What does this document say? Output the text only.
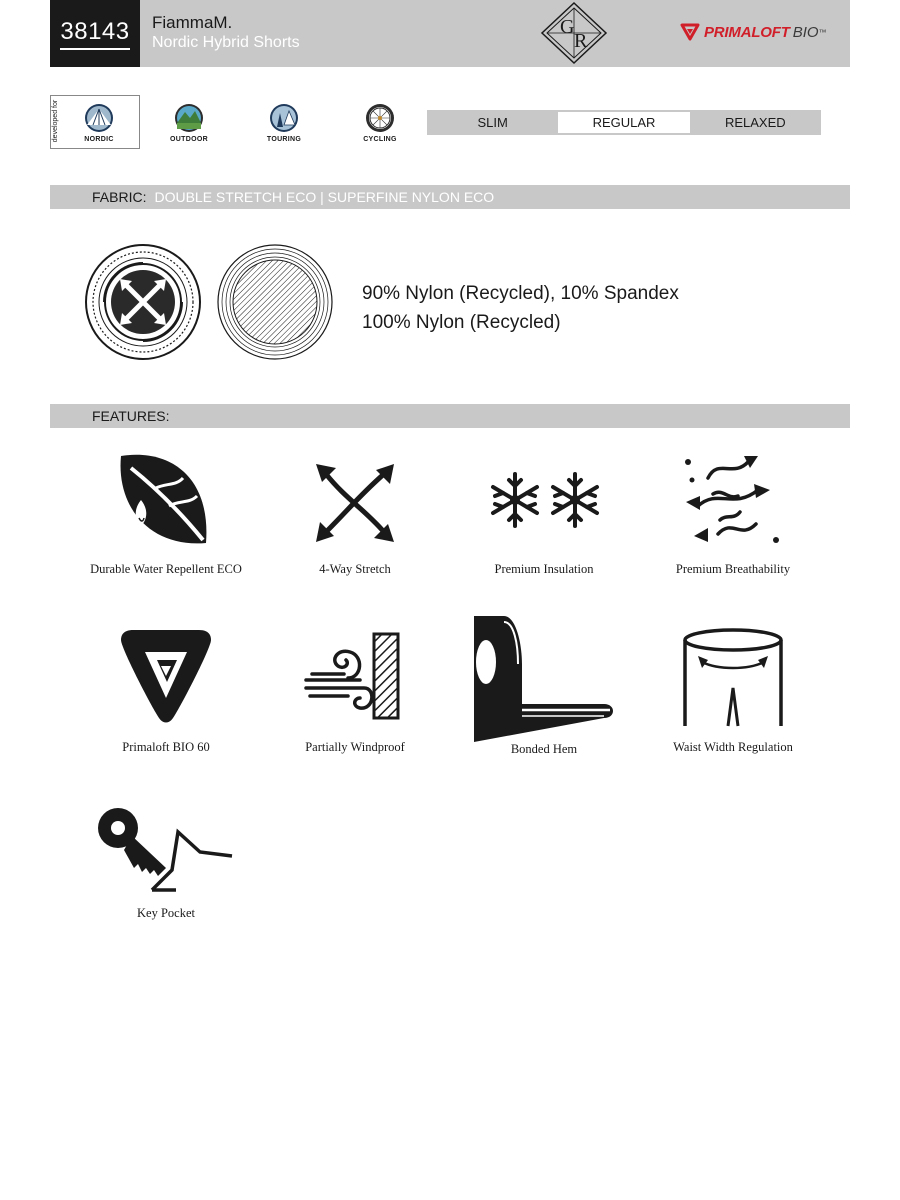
38143 FiammaM.
Nordic Hybrid Shorts
G
R	PRIMALOFT BIO ™
developed for	NORDIC	OUTDOOR	TOURING	CYCLING
SLIM	REGULAR	RELAXED
FABRIC: DOUBLE STRETCH ECO | SUPERFINE NYLON ECO
90% Nylon (Recycled), 10% Spandex
100% Nylon (Recycled)
FEATURES:
Durable Water Repellent ECO	4-Way Stretch	Premium Insulation	Premium Breathability
Primaloft BIO 60	Partially Windproof	Bonded Hem	Waist Width Regulation
Key Pocket
